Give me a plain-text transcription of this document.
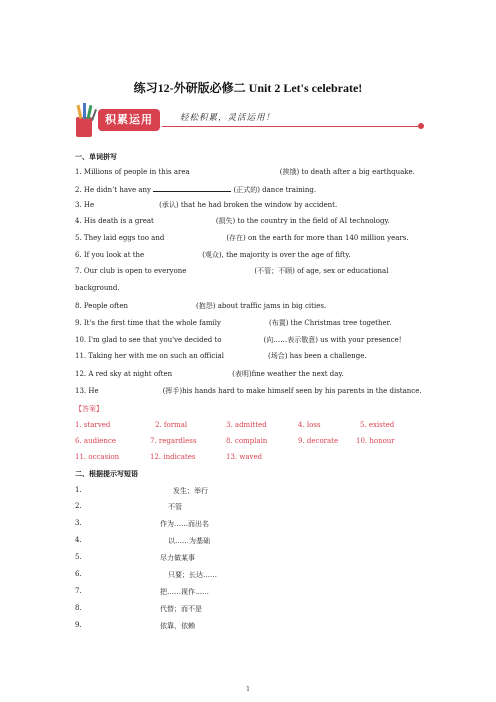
练习12-外研版必修二 Unit 2 Let's celebrate!
积累运用	轻松积累，灵活运用！
一、单词拼写
1. Millions of people in this area	(挨饿) to death after a big earthquake.
2. He didn’t have any	(正式的) dance training.
3. He	(承认) that he had broken the window by accident.
4. His death is a great	(损失) to the country in the field of AI technology.
5. They laid eggs too and	(存在) on the earth for more than 140 million years.
6. If you look at the	(观众), the majority is over the age of fifty.
7. Our club is open to everyone	(不管；不顾) of age, sex or educational
background.
8. People often	(抱怨) about traffic jams in big cities.
9. It's the first time that the whole family	(布置) the Christmas tree together.
10. I'm glad to see that you've decided to	(向……表示敬意) us with your presence!
11. Taking her with me on such an official	(场合) has been a challenge.
12. A red sky at night often	(表明)fine weather the next day.
13. He	(挥手)his hands hard to make himself seen by his parents in the distance.
【答案】
1. starved	2. formal	3. admitted	4. loss	5. existed
6. audience	7. regardless	8. complain	9. decorate	10. honour
11. occasion	12. indicates	13. waved
二、根据提示写短语
1.	发生；举行
2.	不管
3.	作为……而出名
4.	以……为基础
5.	尽力做某事
6.	只要；长达……
7.	把……视作……
8.	代替；而不是
9.	依靠，依赖
1
